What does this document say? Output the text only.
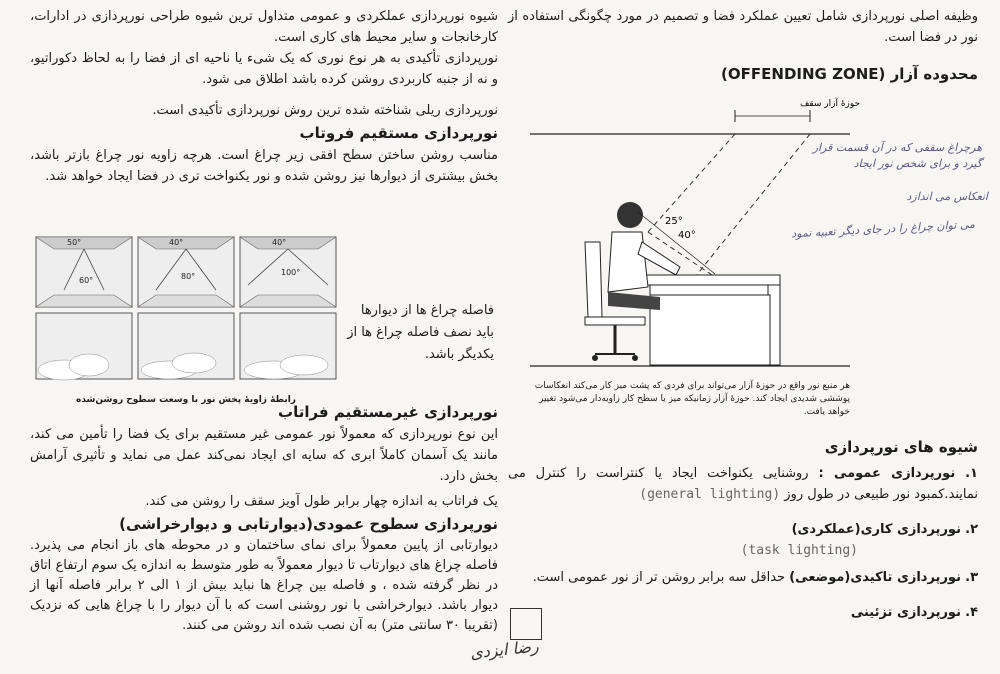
شیوه نورپردازی عملکردی و عمومی متداول ترین شیوه طراحی نورپردازی در ادارات، کارخانجات و سایر محیط های کاری است.

نورپردازی تأکیدی به هر نوع نوری که یک شیء یا ناحیه ای از فضا را به لحاظ دکوراتیو، و نه از جنبه کاربردی روشن کرده باشد اطلاق می شود.

نورپردازی ریلی شناخته شده ترین روش نورپردازی تأکیدی است.

نورپردازی مستقیم فروتاب

مناسب روشن ساختن سطح افقی زیر چراغ است. هرچه زاویه نور چراغ بازتر باشد، بخش بیشتری از دیوارها نیز روشن شده و نور یکنواخت تری در فضا ایجاد خواهد شد.

50°	40°	40°
60°	80°	100°
رابطهٔ زاویهٔ پخش نور با وسعت سطوح روشن‌شده
فاصله چراغ ها از دیوارها باید نصف فاصله چراغ ها از یکدیگر باشد.
نورپردازی غیرمستقیم فراتاب

این نوع نورپردازی که معمولاً نور عمومی غیر مستقیم برای یک فضا را تأمین می کند، مانند یک آسمان کاملاً ابری که سایه ای ایجاد نمی‌کند عمل می نماید و تأثیری آرامش بخش دارد.

یک فراتاب به اندازه چهار برابر طول آویز سقف را روشن می کند.

نورپردازی سطوح عمودی(دیوارتابی و دیوارخراشی)

دیوارتابی از پایین معمولاً برای نمای ساختمان و در محوطه های باز انجام می پذیرد. فاصله چراغ های دیوارتاب تا دیوار معمولاً به طور متوسط به اندازه یک سوم ارتفاع اتاق در نظر گرفته شده ، و فاصله بین چراغ ها نباید بیش از ۱ الی ۲ برابر فاصله آنها از دیوار باشد. دیوارخراشی با نور روشنی است که با آن دیوار را با چراغ هایی که نزدیک (تقریبا ۳۰ سانتی متر) به آن نصب شده اند روشن می کنند.

رضا ایزدی

وظیفه اصلی نورپردازی شامل تعیین عملکرد فضا و تصمیم در مورد چگونگی استفاده از نور در فضا است.

محدوده آزار (OFFENDING ZONE)
حوزهٔ آزار سقف
25°
40°
هرچراغ سقفی که در آن قسمت قرار گیرد و برای شخص نور ایجاد
انعکاس می اندازد
می توان چراغ را در جای دیگر تعبیه نمود
هر منبع نور واقع در حوزهٔ آزار می‌تواند برای فردی که پشت میز کار می‌کند انعکاسات پوششی شدیدی ایجاد کند. حوزهٔ آزار زمانیکه میز یا سطح کار زاویه‌دار می‌شود تغییر خواهد یافت.
شیوه های نورپردازی
۱. نورپردازی عمومی : روشنایی یکنواخت ایجاد یا کنتراست را کنترل می نمایند.کمبود نور طبیعی در طول روز (general lighting)
۲. نورپردازی کاری(عملکردی)
(task lighting)
۳. نورپردازی تاکیدی(موضعی) حداقل سه برابر روشن تر از نور عمومی است.
۴. نورپردازی تزئینی
